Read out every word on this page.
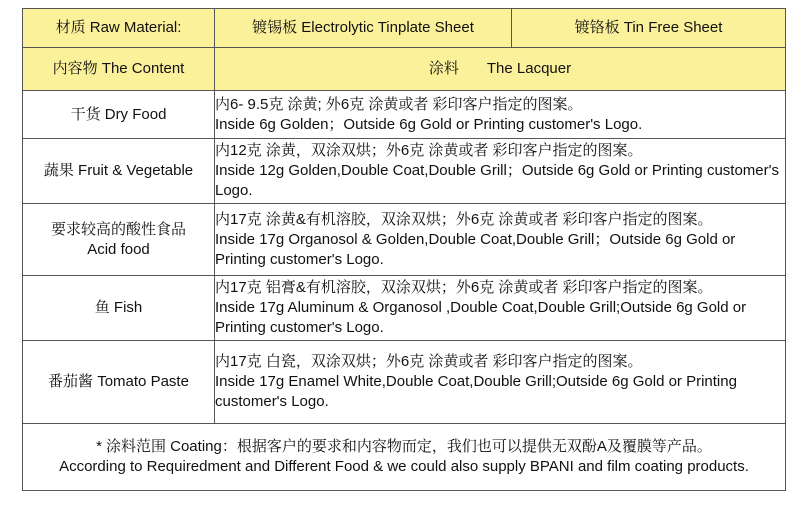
材质 Raw Material:	镀锡板 Electrolytic Tinplate Sheet	镀铬板 Tin Free Sheet
内容物 The Content	涂料 The Lacquer	
干货 Dry Food	内6- 9.5克 涂黄; 外6克 涂黄或者 彩印客户指定的图案。
Inside 6g Golden；Outside 6g Gold or Printing customer's Logo.	

蔬果 Fruit & Vegetable	内12克 涂黄，双涂双烘；外6克 涂黄或者 彩印客户指定的图案。
Inside 12g Golden,Double Coat,Double Grill；Outside 6g Gold or Printing customer's Logo.	

要求较高的酸性食品
Acid food	内17克 涂黄&有机溶胶，双涂双烘；外6克 涂黄或者 彩印客户指定的图案。
Inside 17g Organosol & Golden,Double Coat,Double Grill；Outside 6g Gold or Printing customer's Logo.	

鱼 Fish	内17克 铝膏&有机溶胶，双涂双烘；外6克 涂黄或者 彩印客户指定的图案。
Inside 17g Aluminum & Organosol ,Double Coat,Double Grill;Outside 6g Gold or Printing customer's Logo.	

番茄酱 Tomato Paste	内17克 白瓷，双涂双烘；外6克 涂黄或者 彩印客户指定的图案。
Inside 17g Enamel White,Double Coat,Double Grill;Outside 6g Gold or Printing customer's Logo.	

* 涂料范围 Coating：根据客户的要求和内容物而定，我们也可以提供无双酚A及覆膜等产品。
According to Requiredment and Different Food & we could also supply BPANI and film coating products.		
